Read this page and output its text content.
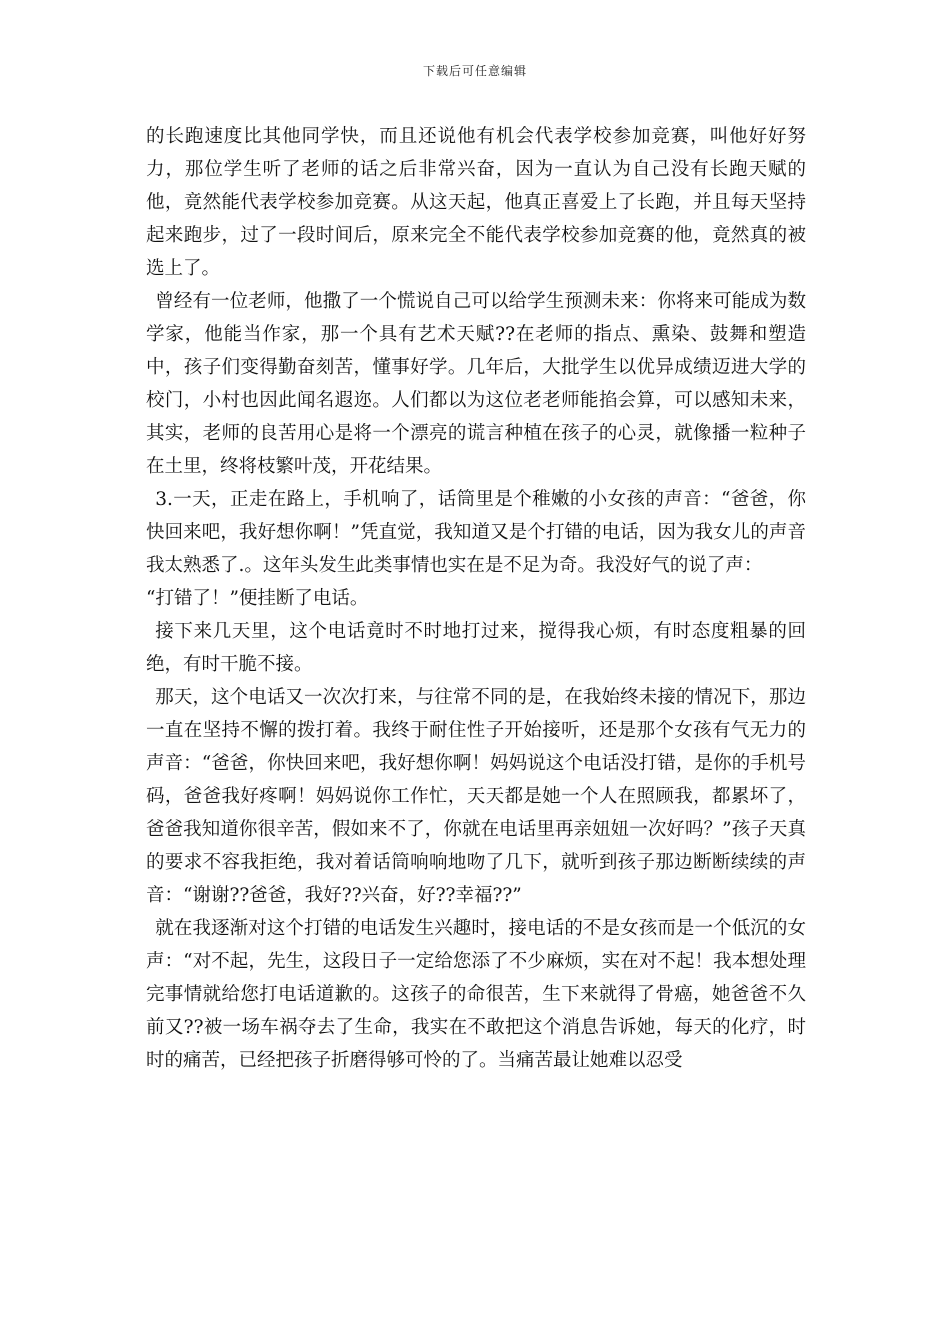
下载后可任意编辑

的长跑速度比其他同学快，而且还说他有机会代表学校参加竞赛，叫他好好努力，那位学生听了老师的话之后非常兴奋，因为一直认为自己没有长跑天赋的他，竟然能代表学校参加竞赛。从这天起，他真正喜爱上了长跑，并且每天坚持起来跑步，过了一段时间后，原来完全不能代表学校参加竞赛的他，竟然真的被选上了。

曾经有一位老师，他撒了一个慌说自己可以给学生预测未来：你将来可能成为数学家，他能当作家，那一个具有艺术天赋??在老师的指点、熏染、鼓舞和塑造中，孩子们变得勤奋刻苦，懂事好学。几年后，大批学生以优异成绩迈进大学的校门，小村也因此闻名遐迩。人们都以为这位老老师能掐会算，可以感知未来，其实，老师的良苦用心是将一个漂亮的谎言种植在孩子的心灵，就像播一粒种子在土里，终将枝繁叶茂，开花结果。

3.一天，正走在路上，手机响了，话筒里是个稚嫩的小女孩的声音：“爸爸，你快回来吧，我好想你啊！”凭直觉，我知道又是个打错的电话，因为我女儿的声音我太熟悉了.。这年头发生此类事情也实在是不足为奇。我没好气的说了声：

“打错了！”便挂断了电话。

接下来几天里，这个电话竟时不时地打过来，搅得我心烦，有时态度粗暴的回绝，有时干脆不接。

那天，这个电话又一次次打来，与往常不同的是，在我始终未接的情况下，那边一直在坚持不懈的拨打着。我终于耐住性子开始接听，还是那个女孩有气无力的声音：“爸爸，你快回来吧，我好想你啊！妈妈说这个电话没打错，是你的手机号码，爸爸我好疼啊！妈妈说你工作忙，天天都是她一个人在照顾我，都累坏了，爸爸我知道你很辛苦，假如来不了，你就在电话里再亲妞妞一次好吗？”孩子天真的要求不容我拒绝，我对着话筒响响地吻了几下，就听到孩子那边断断续续的声音：“谢谢??爸爸，我好??兴奋，好??幸福??”

就在我逐渐对这个打错的电话发生兴趣时，接电话的不是女孩而是一个低沉的女声：“对不起，先生，这段日子一定给您添了不少麻烦，实在对不起！我本想处理完事情就给您打电话道歉的。这孩子的命很苦，生下来就得了骨癌，她爸爸不久前又??被一场车祸夺去了生命，我实在不敢把这个消息告诉她，每天的化疗，时时的痛苦，已经把孩子折磨得够可怜的了。当痛苦最让她难以忍受
